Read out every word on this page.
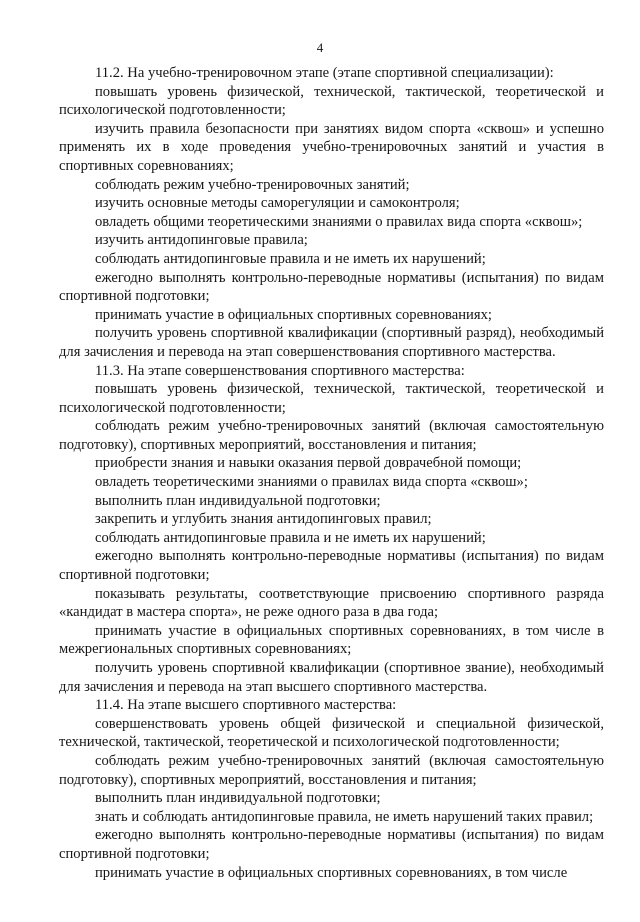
4

11.2. На учебно-тренировочном этапе (этапе спортивной специализации):

повышать уровень физической, технической, тактической, теоретической и психологической подготовленности;

изучить правила безопасности при занятиях видом спорта «сквош» и успешно применять их в ходе проведения учебно-тренировочных занятий и участия в спортивных соревнованиях;

соблюдать режим учебно-тренировочных занятий;

изучить основные методы саморегуляции и самоконтроля;

овладеть общими теоретическими знаниями о правилах вида спорта «сквош»;

изучить антидопинговые правила;

соблюдать антидопинговые правила и не иметь их нарушений;

ежегодно выполнять контрольно-переводные нормативы (испытания) по видам спортивной подготовки;

принимать участие в официальных спортивных соревнованиях;

получить уровень спортивной квалификации (спортивный разряд), необходимый для зачисления и перевода на этап совершенствования спортивного мастерства.

11.3. На этапе совершенствования спортивного мастерства:

повышать уровень физической, технической, тактической, теоретической и психологической подготовленности;

соблюдать режим учебно-тренировочных занятий (включая самостоятельную подготовку), спортивных мероприятий, восстановления и питания;

приобрести знания и навыки оказания первой доврачебной помощи;

овладеть теоретическими знаниями о правилах вида спорта «сквош»;

выполнить план индивидуальной подготовки;

закрепить и углубить знания антидопинговых правил;

соблюдать антидопинговые правила и не иметь их нарушений;

ежегодно выполнять контрольно-переводные нормативы (испытания) по видам спортивной подготовки;

показывать результаты, соответствующие присвоению спортивного разряда «кандидат в мастера спорта», не реже одного раза в два года;

принимать участие в официальных спортивных соревнованиях, в том числе в межрегиональных спортивных соревнованиях;

получить уровень спортивной квалификации (спортивное звание), необходимый для зачисления и перевода на этап высшего спортивного мастерства.

11.4. На этапе высшего спортивного мастерства:

совершенствовать уровень общей физической и специальной физической, технической, тактической, теоретической и психологической подготовленности;

соблюдать режим учебно-тренировочных занятий (включая самостоятельную подготовку), спортивных мероприятий, восстановления и питания;

выполнить план индивидуальной подготовки;

знать и соблюдать антидопинговые правила, не иметь нарушений таких правил;

ежегодно выполнять контрольно-переводные нормативы (испытания) по видам спортивной подготовки;

принимать участие в официальных спортивных соревнованиях, в том числе
